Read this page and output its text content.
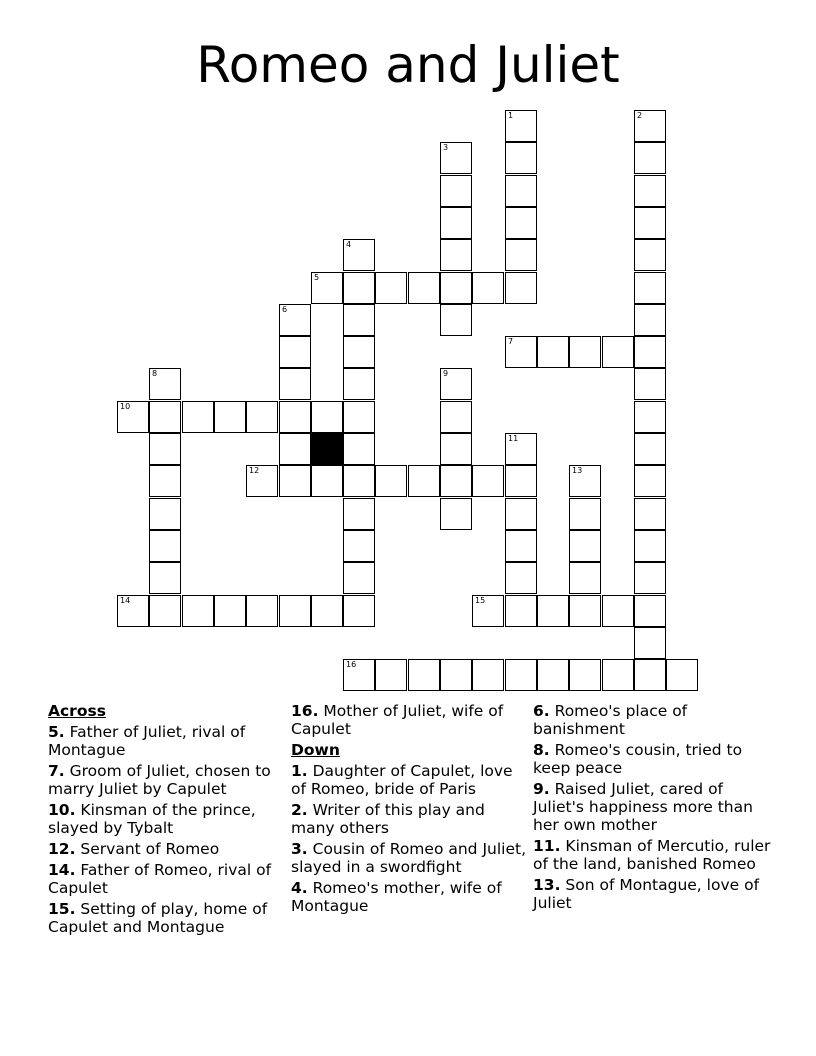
Romeo and Juliet
1	2
3
4
5
6
7
8	9
10
11
12	13
14	15
16
Across
5. Father of Juliet, rival of Montague
7. Groom of Juliet, chosen to marry Juliet by Capulet
10. Kinsman of the prince, slayed by Tybalt
12. Servant of Romeo
14. Father of Romeo, rival of Capulet
15. Setting of play, home of Capulet and Montague
16. Mother of Juliet, wife of Capulet
Down
1. Daughter of Capulet, love of Romeo, bride of Paris
2. Writer of this play and many others
3. Cousin of Romeo and Juliet, slayed in a swordfight
4. Romeo's mother, wife of Montague
6. Romeo's place of banishment
8. Romeo's cousin, tried to keep peace
9. Raised Juliet, cared of Juliet's happiness more than her own mother
11. Kinsman of Mercutio, ruler of the land, banished Romeo
13. Son of Montague, love of Juliet
